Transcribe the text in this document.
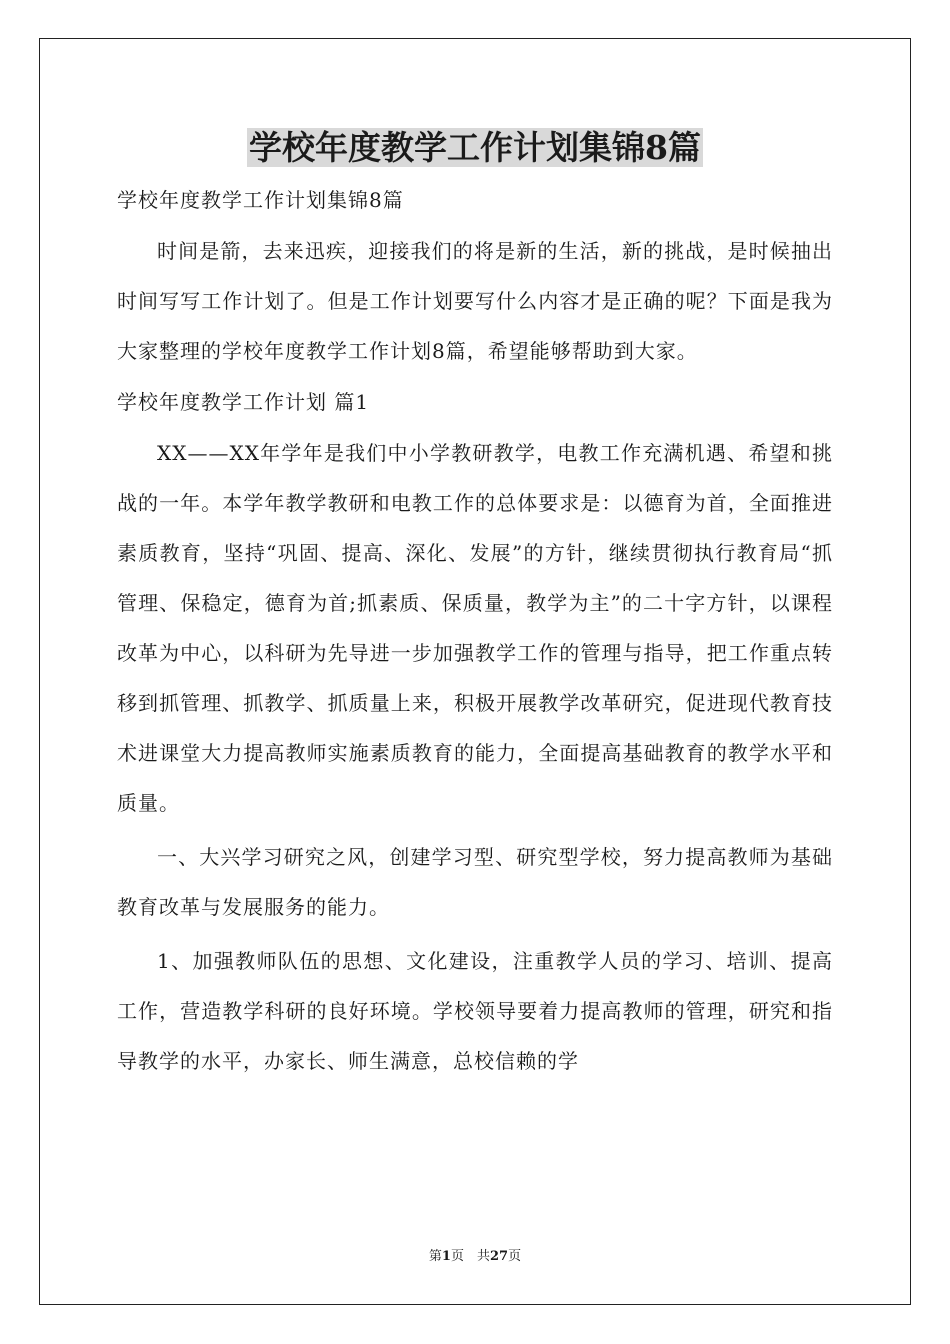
学校年度教学工作计划集锦8篇

学校年度教学工作计划集锦8篇

时间是箭，去来迅疾，迎接我们的将是新的生活，新的挑战，是时候抽出时间写写工作计划了。但是工作计划要写什么内容才是正确的呢？下面是我为大家整理的学校年度教学工作计划8篇，希望能够帮助到大家。

学校年度教学工作计划 篇1

XX——XX年学年是我们中小学教研教学，电教工作充满机遇、希望和挑战的一年。本学年教学教研和电教工作的总体要求是：以德育为首，全面推进素质教育，坚持“巩固、提高、深化、发展”的方针，继续贯彻执行教育局“抓管理、保稳定，德育为首;抓素质、保质量，教学为主”的二十字方针，以课程改革为中心，以科研为先导进一步加强教学工作的管理与指导，把工作重点转移到抓管理、抓教学、抓质量上来，积极开展教学改革研究，促进现代教育技术进课堂大力提高教师实施素质教育的能力，全面提高基础教育的教学水平和质量。

一、大兴学习研究之风，创建学习型、研究型学校，努力提高教师为基础教育改革与发展服务的能力。

1、加强教师队伍的思想、文化建设，注重教学人员的学习、培训、提高工作，营造教学科研的良好环境。学校领导要着力提高教师的管理，研究和指导教学的水平，办家长、师生满意，总校信赖的学

第1页　共27页
